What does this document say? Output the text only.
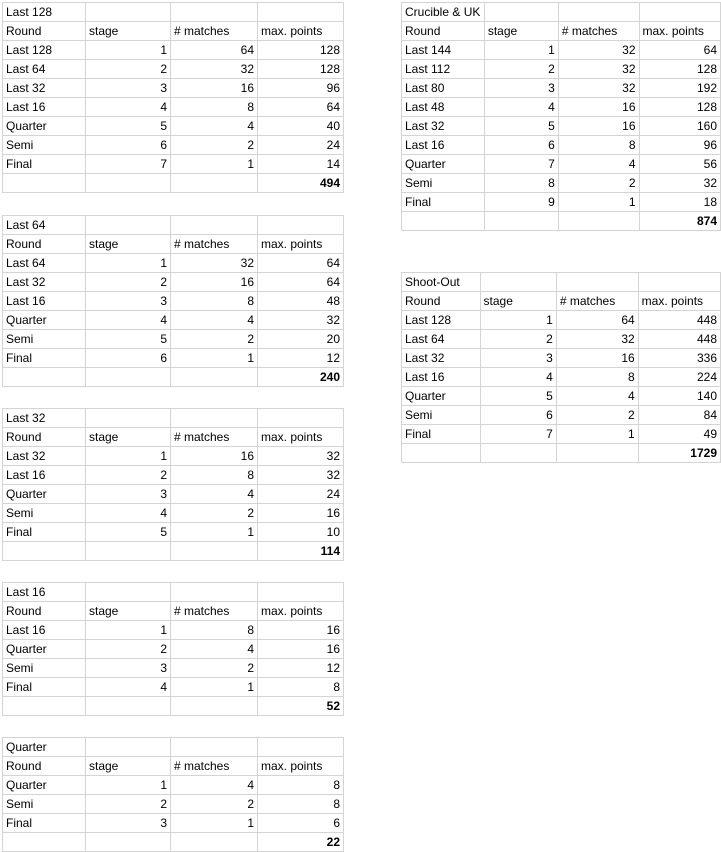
Last 128			
Round	stage	# matches	max. points
Last 128	1	64	128
Last 64	2	32	128
Last 32	3	16	96
Last 16	4	8	64
Quarter	5	4	40
Semi	6	2	24
Final	7	1	14
			494
Last 64			
Round	stage	# matches	max. points
Last 64	1	32	64
Last 32	2	16	64
Last 16	3	8	48
Quarter	4	4	32
Semi	5	2	20
Final	6	1	12
			240
Last 32			
Round	stage	# matches	max. points
Last 32	1	16	32
Last 16	2	8	32
Quarter	3	4	24
Semi	4	2	16
Final	5	1	10
			114
Last 16			
Round	stage	# matches	max. points
Last 16	1	8	16
Quarter	2	4	16
Semi	3	2	12
Final	4	1	8
			52
Quarter			
Round	stage	# matches	max. points
Quarter	1	4	8
Semi	2	2	8
Final	3	1	6
			22
Crucible & UK			
Round	stage	# matches	max. points
Last 144	1	32	64
Last 112	2	32	128
Last 80	3	32	192
Last 48	4	16	128
Last 32	5	16	160
Last 16	6	8	96
Quarter	7	4	56
Semi	8	2	32
Final	9	1	18
			874
Shoot-Out			
Round	stage	# matches	max. points
Last 128	1	64	448
Last 64	2	32	448
Last 32	3	16	336
Last 16	4	8	224
Quarter	5	4	140
Semi	6	2	84
Final	7	1	49
			1729
